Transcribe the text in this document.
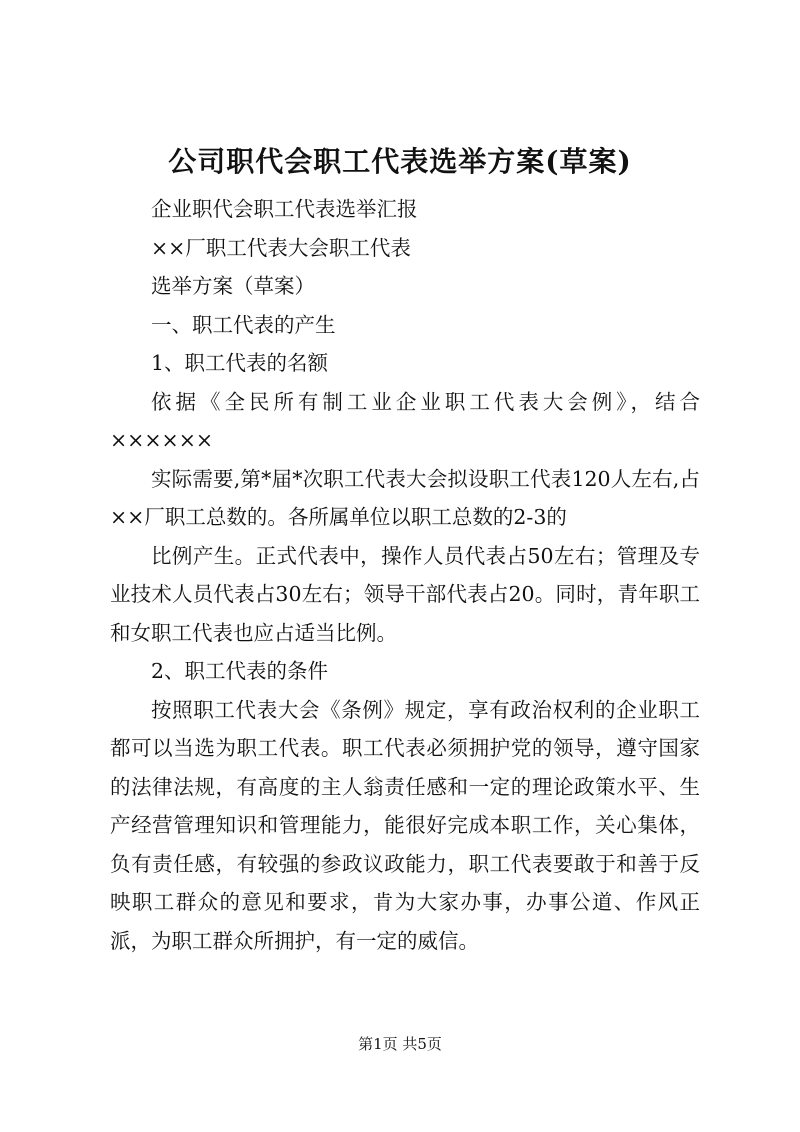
公司职代会职工代表选举方案(草案)

企业职代会职工代表选举汇报

××厂职工代表大会职工代表

选举方案（草案）

一、职工代表的产生

1、职工代表的名额

依据《全民所有制工业企业职工代表大会例》，结合××××××

实际需要,第*届*次职工代表大会拟设职工代表120人左右,占××厂职工总数的。各所属单位以职工总数的2-3的

比例产生。正式代表中，操作人员代表占50左右；管理及专业技术人员代表占30左右；领导干部代表占20。同时，青年职工和女职工代表也应占适当比例。

2、职工代表的条件

按照职工代表大会《条例》规定，享有政治权利的企业职工都可以当选为职工代表。职工代表必须拥护党的领导，遵守国家的法律法规，有高度的主人翁责任感和一定的理论政策水平、生产经营管理知识和管理能力，能很好完成本职工作，关心集体，负有责任感，有较强的参政议政能力，职工代表要敢于和善于反映职工群众的意见和要求，肯为大家办事，办事公道、作风正派，为职工群众所拥护，有一定的威信。

第1页 共5页
